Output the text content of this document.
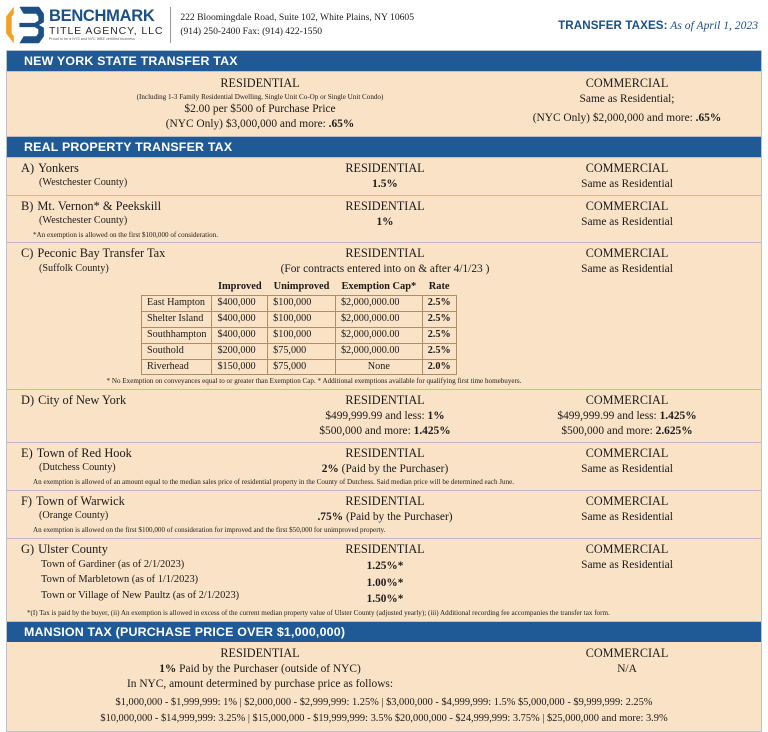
BENCHMARK
TITLE AGENCY, LLC
Proud to be a NYS and NYC WBE certified business
222 Bloomingdale Road, Suite 102, White Plains, NY 10605
(914) 250-2400 Fax: (914) 422-1550	TRANSFER TAXES: As of April 1, 2023
NEW YORK STATE TRANSFER TAX
RESIDENTIAL
(Including 1-3 Family Residential Dwelling, Single Unit Co-Op or Single Unit Condo)
$2.00 per $500 of Purchase Price
(NYC Only) $3,000,000 and more: .65%
COMMERCIAL
Same as Residential;
(NYC Only) $2,000,000 and more: .65%
REAL PROPERTY TRANSFER TAX
A) Yonkers
(Westchester County)
RESIDENTIAL
1.5%
COMMERCIAL
Same as Residential
B) Mt. Vernon* & Peekskill
(Westchester County)
RESIDENTIAL
1%
COMMERCIAL
Same as Residential
*An exemption is allowed on the first $100,000 of consideration.
C) Peconic Bay Transfer Tax
(Suffolk County)
RESIDENTIAL
(For contracts entered into on & after 4/1/23 )
COMMERCIAL
Same as Residential
	Improved	Unimproved	Exemption Cap*	Rate
East Hampton	$400,000	$100,000	$2,000,000.00	2.5%
Shelter Island	$400,000	$100,000	$2,000,000.00	2.5%
Southhampton	$400,000	$100,000	$2,000,000.00	2.5%
Southold	$200,000	$75,000	$2,000,000.00	2.5%
Riverhead	$150,000	$75,000	None	2.0%
* No Exemption on conveyances equal to or greater than Exemption Cap. * Additional exemptions available for qualifying first time homebuyers.
D) City of New York	RESIDENTIAL
$499,999.99 and less: 1%
$500,000 and more: 1.425%
COMMERCIAL
$499,999.99 and less: 1.425%
$500,000 and more: 2.625%
E) Town of Red Hook
(Dutchess County)
RESIDENTIAL
2% (Paid by the Purchaser)
COMMERCIAL
Same as Residential
An exemption is allowed of an amount equal to the median sales price of residential property in the County of Dutchess. Said median price will be determined each June.
F) Town of Warwick
(Orange County)
RESIDENTIAL
.75% (Paid by the Purchaser)
COMMERCIAL
Same as Residential
An exemption is allowed on the first $100,000 of consideration for improved and the first $50,000 for unimproved property.
G) Ulster County
Town of Gardiner (as of 2/1/2023)
Town of Marbletown (as of 1/1/2023)
Town or Village of New Paultz (as of 2/1/2023)
RESIDENTIAL
1.25%*
1.00%*
1.50%*
COMMERCIAL
Same as Residential
*(I) Tax is paid by the buyer, (ii) An exemption is allowed in excess of the current median property value of Ulster County (adjusted yearly); (iii) Additional recording fee accompanies the transfer tax form.
MANSION TAX (PURCHASE PRICE OVER $1,000,000)
RESIDENTIAL
1% Paid by the Purchaser (outside of NYC)
In NYC, amount determined by purchase price as follows:
COMMERCIAL
N/A
$1,000,000 - $1,999,999: 1% | $2,000,000 - $2,999,999: 1.25% | $3,000,000 - $4,999,999: 1.5% $5,000,000 - $9,999,999: 2.25%
$10,000,000 - $14,999,999: 3.25% | $15,000,000 - $19,999,999: 3.5% $20,000,000 - $24,999,999: 3.75% | $25,000,000 and more: 3.9%
